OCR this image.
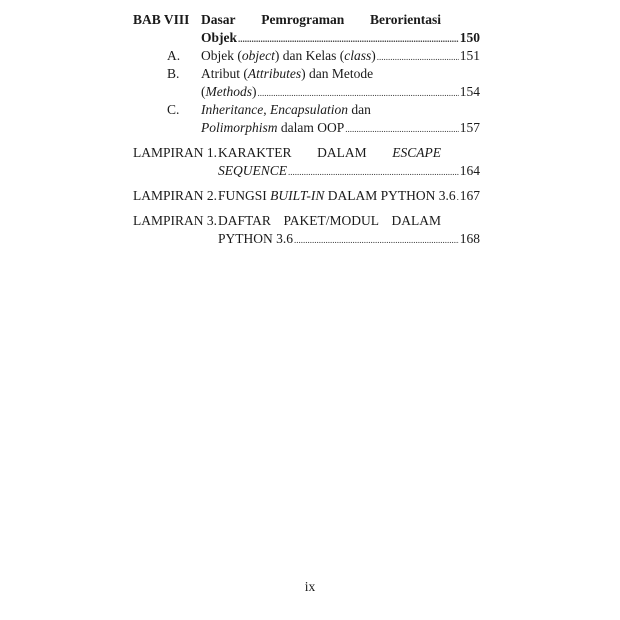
BAB VIII Dasar Pemrograman Berorientasi
Objek .....	150
A. Objek (object) dan Kelas (class) .....	151
B. Atribut (Attributes) dan Metode
(Methods) .....	154
C. Inheritance, Encapsulation dan
Polimorphism dalam OOP .....	157
LAMPIRAN 1. KARAKTER DALAM ESCAPE
SEQUENCE .....	164
LAMPIRAN 2. FUNGSI BUILT-IN DALAM PYTHON 3.6 ..... 167
LAMPIRAN 3. DAFTAR PAKET/MODUL DALAM
PYTHON 3.6 .....	168
ix
